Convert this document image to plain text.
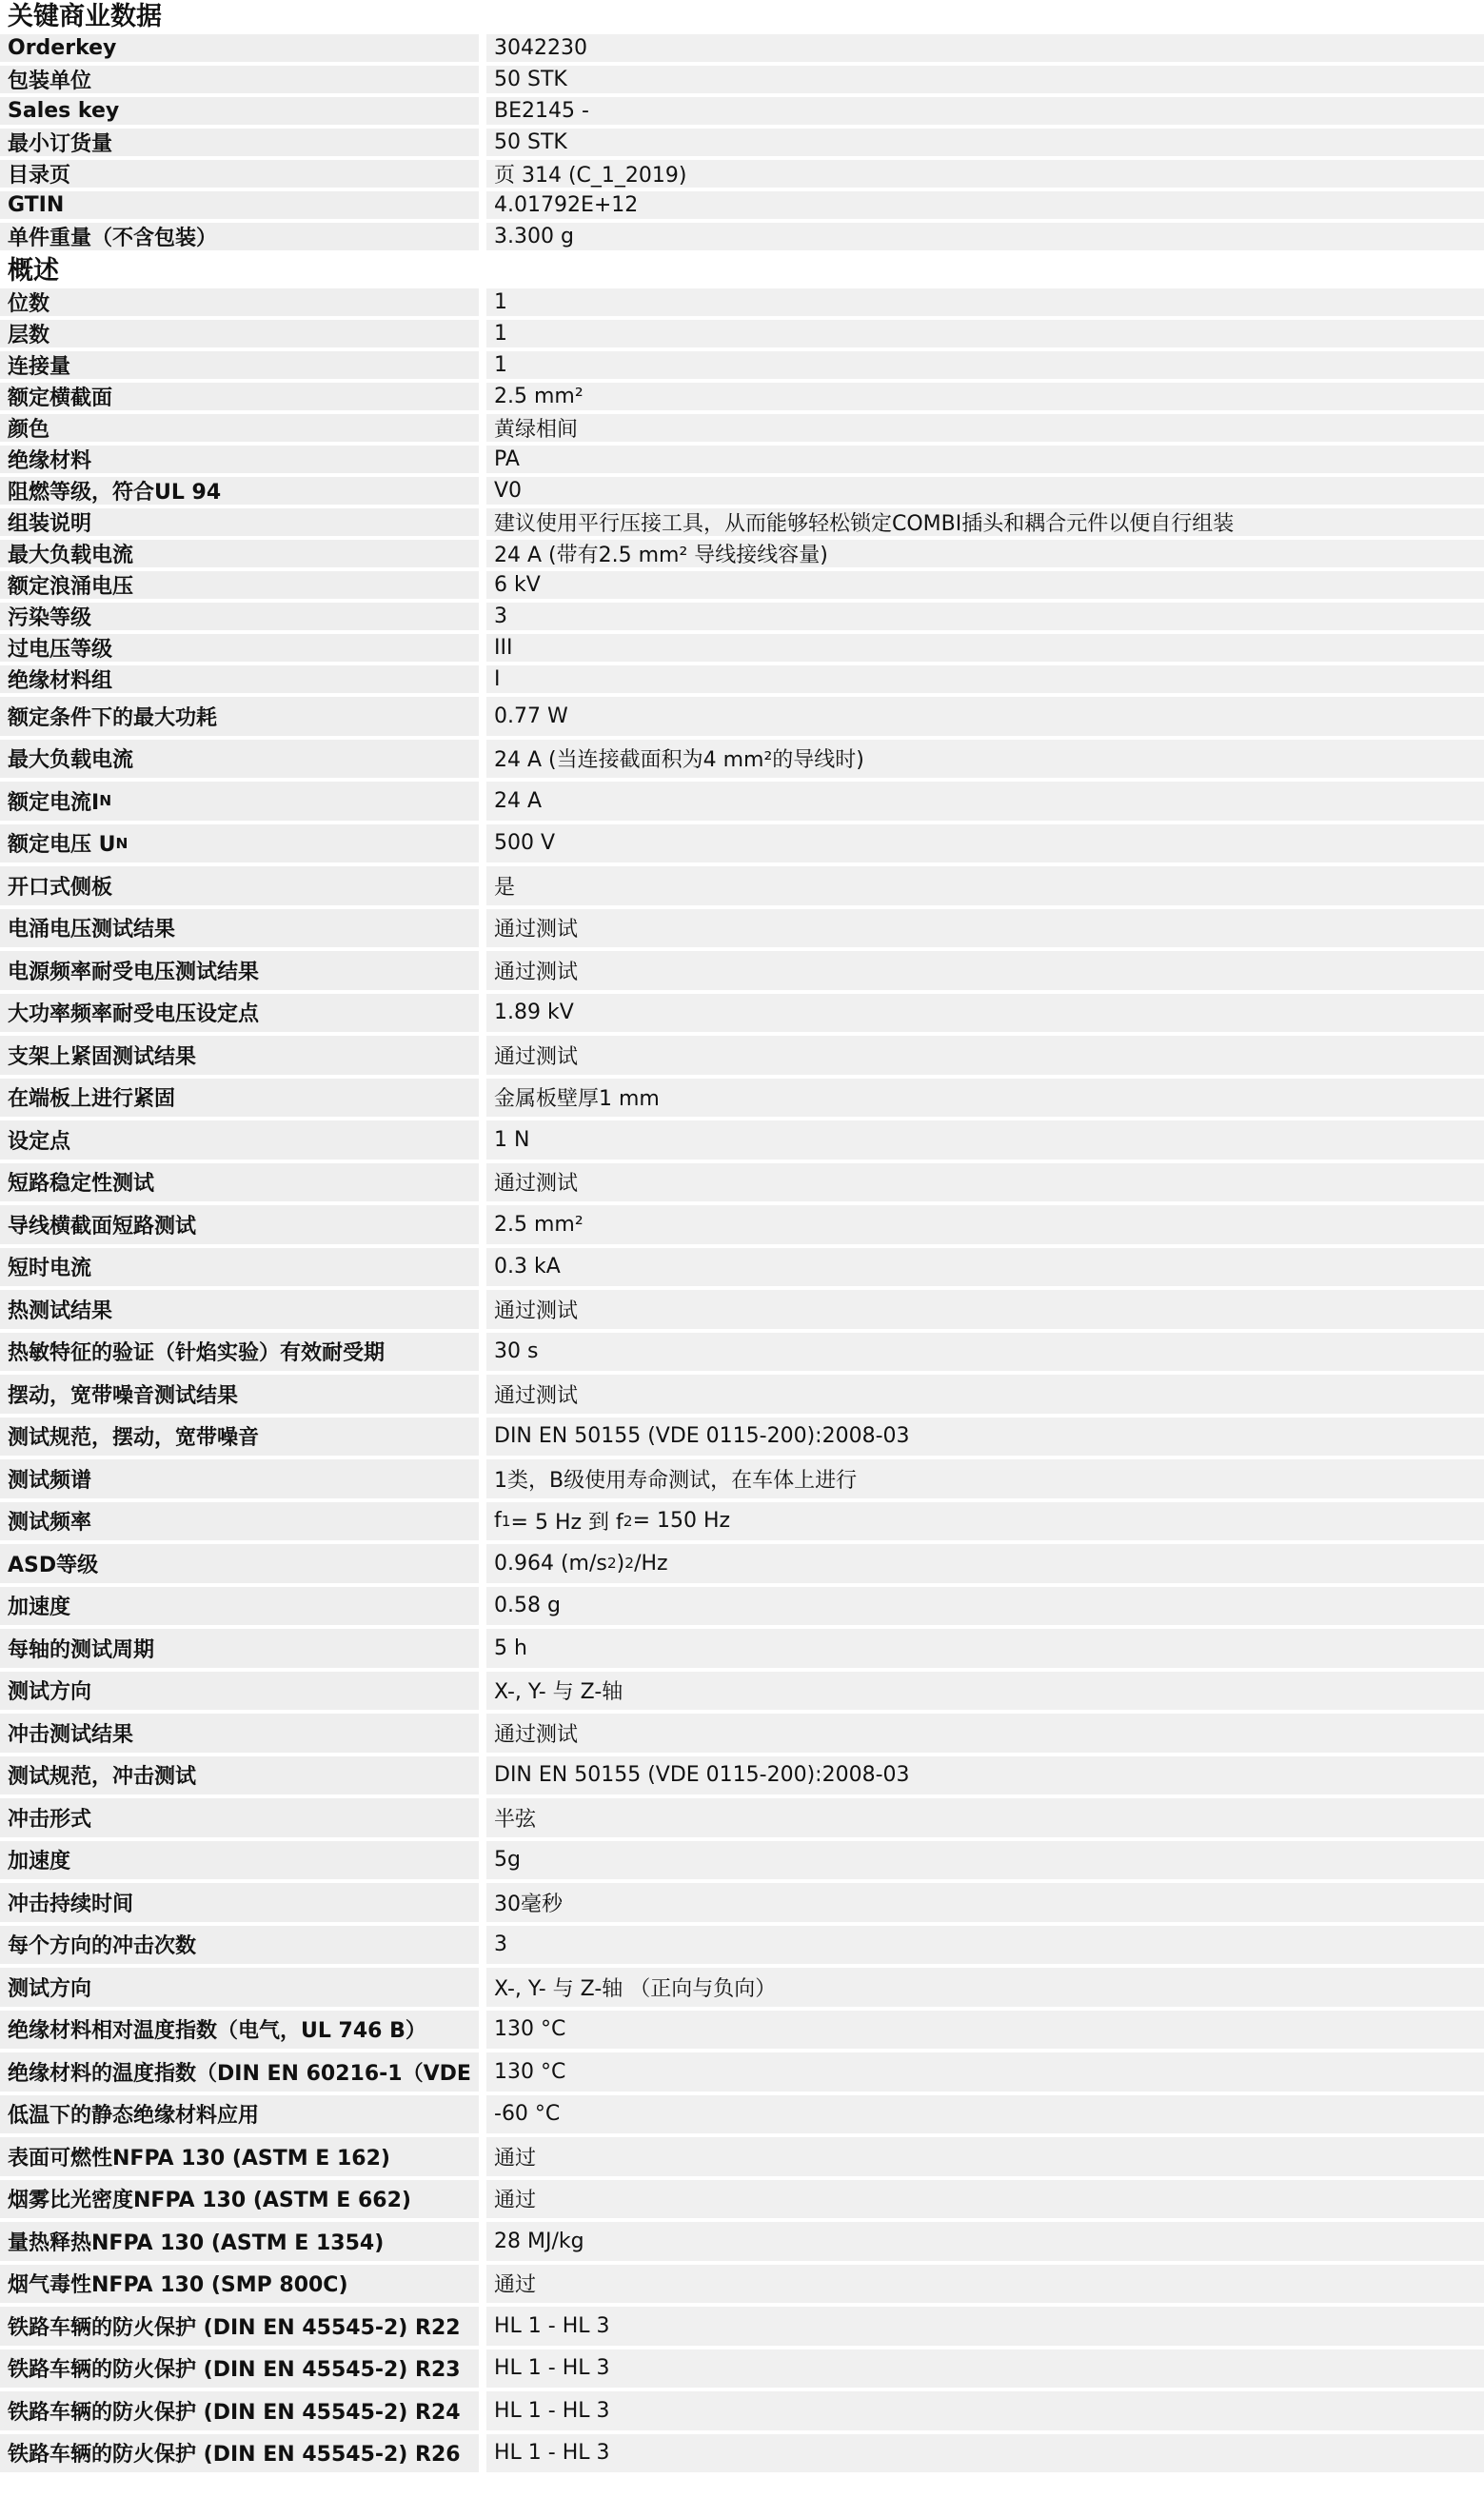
关键商业数据
Orderkey	3042230
包装单位	50 STK
Sales key	BE2145 -
最小订货量	50 STK
目录页	页 314 (C_1_2019)
GTIN	4.01792E+12
单件重量（不含包装）	3.300 g
概述
位数	1
层数	1
连接量	1
额定横截面	2.5 mm²
颜色	黄绿相间
绝缘材料	PA
阻燃等级，符合UL 94	V0
组装说明	建议使用平行压接工具，从而能够轻松锁定COMBI插头和耦合元件以便自行组装
最大负载电流	24 A (带有2.5 mm² 导线接线容量)
额定浪涌电压	6 kV
污染等级	3
过电压等级	III
绝缘材料组	I
额定条件下的最大功耗	0.77 W
最大负载电流	24 A (当连接截面积为4 mm²的导线时)
额定电流I N	24 A
额定电压 U N	500 V
开口式侧板	是
电涌电压测试结果	通过测试
电源频率耐受电压测试结果	通过测试
大功率频率耐受电压设定点	1.89 kV
支架上紧固测试结果	通过测试
在端板上进行紧固	金属板壁厚1 mm
设定点	1 N
短路稳定性测试	通过测试
导线横截面短路测试	2.5 mm²
短时电流	0.3 kA
热测试结果	通过测试
热敏特征的验证（针焰实验）有效耐受期	30 s
摆动，宽带噪音测试结果	通过测试
测试规范，摆动，宽带噪音	DIN EN 50155 (VDE 0115-200):2008-03
测试频谱	1类，B级使用寿命测试，在车体上进行
测试频率	f 1 = 5 Hz 到 f 2 = 150 Hz
ASD等级	0.964 (m/s 2 ) 2 /Hz
加速度	0.58 g
每轴的测试周期	5 h
测试方向	X-, Y- 与 Z-轴
冲击测试结果	通过测试
测试规范，冲击测试	DIN EN 50155 (VDE 0115-200):2008-03
冲击形式	半弦
加速度	5g
冲击持续时间	30毫秒
每个方向的冲击次数	3
测试方向	X-, Y- 与 Z-轴 （正向与负向）
绝缘材料相对温度指数（电气，UL 746 B）	130 °C
绝缘材料的温度指数（DIN EN 60216-1（VDE	130 °C
低温下的静态绝缘材料应用	-60 °C
表面可燃性NFPA 130 (ASTM E 162)	通过
烟雾比光密度NFPA 130 (ASTM E 662)	通过
量热释热NFPA 130 (ASTM E 1354)	28 MJ/kg
烟气毒性NFPA 130 (SMP 800C)	通过
铁路车辆的防火保护 (DIN EN 45545-2) R22	HL 1 - HL 3
铁路车辆的防火保护 (DIN EN 45545-2) R23	HL 1 - HL 3
铁路车辆的防火保护 (DIN EN 45545-2) R24	HL 1 - HL 3
铁路车辆的防火保护 (DIN EN 45545-2) R26	HL 1 - HL 3
